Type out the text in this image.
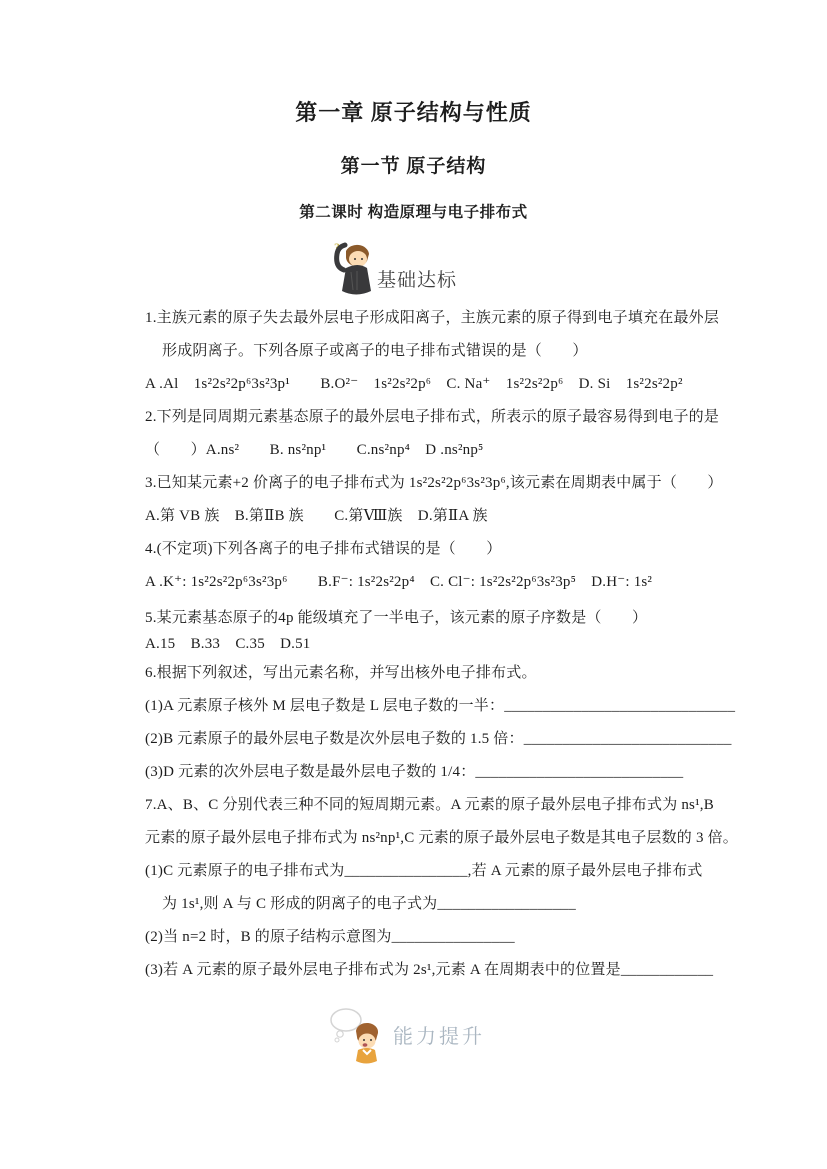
第一章 原子结构与性质
第一节 原子结构
第二课时 构造原理与电子排布式
?
基础达标

1.主族元素的原子失去最外层电子形成阳离子，主族元素的原子得到电子填充在最外层

形成阴离子。下列各原子或离子的电子排布式错误的是（　　）

A .Al　1s²2s²2p⁶3s²3p¹　　B.O²⁻　1s²2s²2p⁶　C. Na⁺　1s²2s²2p⁶　D. Si　1s²2s²2p²

2.下列是同周期元素基态原子的最外层电子排布式，所表示的原子最容易得到电子的是

（　　）A.ns²　　B. ns²np¹　　C.ns²np⁴　D .ns²np⁵

3.已知某元素+2 价离子的电子排布式为 1s²2s²2p⁶3s²3p⁶,该元素在周期表中属于（　　）

A.第 VB 族　B.第ⅡB 族　　C.第Ⅷ族　D.第ⅡA 族

4.(不定项)下列各离子的电子排布式错误的是（　　）

A .K⁺: 1s²2s²2p⁶3s²3p⁶　　B.F⁻: 1s²2s²2p⁴　C. Cl⁻: 1s²2s²2p⁶3s²3p⁵　D.H⁻: 1s²

5.某元素基态原子的4p 能级填充了一半电子，该元素的原子序数是（　　）

A.15　B.33　C.35　D.51

6.根据下列叙述，写出元素名称，并写出核外电子排布式。

(1)A 元素原子核外 M 层电子数是 L 层电子数的一半：______________________________

(2)B 元素原子的最外层电子数是次外层电子数的 1.5 倍：___________________________

(3)D 元素的次外层电子数是最外层电子数的 1/4：___________________________

7.A、B、C 分别代表三种不同的短周期元素。A 元素的原子最外层电子排布式为 ns¹,B

元素的原子最外层电子排布式为 ns²np¹,C 元素的原子最外层电子数是其电子层数的 3 倍。

(1)C 元素原子的电子排布式为________________,若 A 元素的原子最外层电子排布式

为 1s¹,则 A 与 C 形成的阴离子的电子式为__________________

(2)当 n=2 时，B 的原子结构示意图为________________

(3)若 A 元素的原子最外层电子排布式为 2s¹,元素 A 在周期表中的位置是____________

能力提升
